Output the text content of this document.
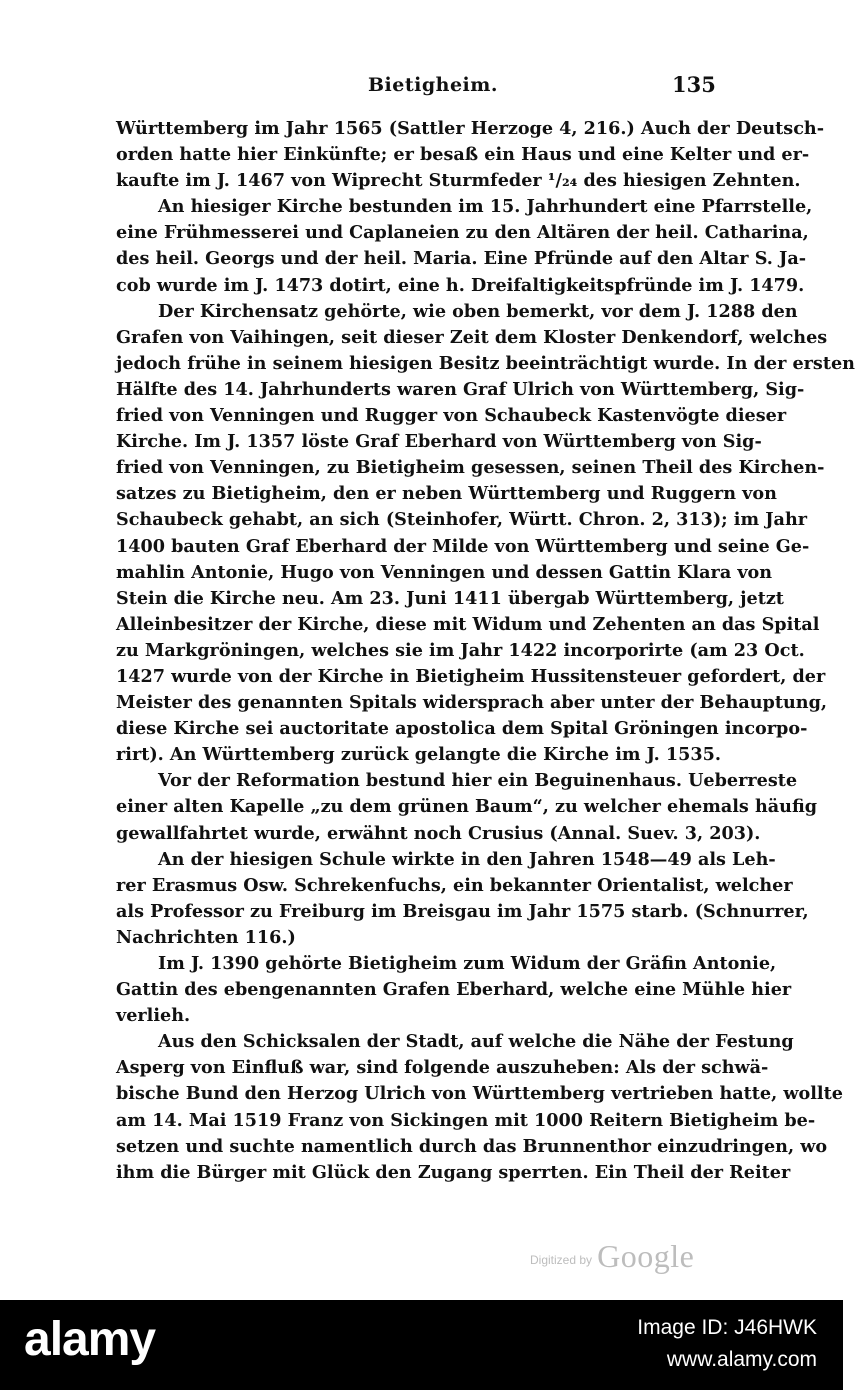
Bietigheim.	135
Württemberg im Jahr 1565 (Sattler Herzoge 4, 216.) Auch der Deutsch-
orden hatte hier Einkünfte; er besaß ein Haus und eine Kelter und er-
kaufte im J. 1467 von Wiprecht Sturmfeder ¹/₂₄ des hiesigen Zehnten.
An hiesiger Kirche bestunden im 15. Jahrhundert eine Pfarrstelle,
eine Frühmesserei und Caplaneien zu den Altären der heil. Catharina,
des heil. Georgs und der heil. Maria. Eine Pfründe auf den Altar S. Ja-
cob wurde im J. 1473 dotirt, eine h. Dreifaltigkeitspfründe im J. 1479.
Der Kirchensatz gehörte, wie oben bemerkt, vor dem J. 1288 den
Grafen von Vaihingen, seit dieser Zeit dem Kloster Denkendorf, welches
jedoch frühe in seinem hiesigen Besitz beeinträchtigt wurde. In der ersten
Hälfte des 14. Jahrhunderts waren Graf Ulrich von Württemberg, Sig-
fried von Venningen und Rugger von Schaubeck Kastenvögte dieser
Kirche. Im J. 1357 löste Graf Eberhard von Württemberg von Sig-
fried von Venningen, zu Bietigheim gesessen, seinen Theil des Kirchen-
satzes zu Bietigheim, den er neben Württemberg und Ruggern von
Schaubeck gehabt, an sich (Steinhofer, Württ. Chron. 2, 313); im Jahr
1400 bauten Graf Eberhard der Milde von Württemberg und seine Ge-
mahlin Antonie, Hugo von Venningen und dessen Gattin Klara von
Stein die Kirche neu. Am 23. Juni 1411 übergab Württemberg, jetzt
Alleinbesitzer der Kirche, diese mit Widum und Zehenten an das Spital
zu Markgröningen, welches sie im Jahr 1422 incorporirte (am 23 Oct.
1427 wurde von der Kirche in Bietigheim Hussitensteuer gefordert, der
Meister des genannten Spitals widersprach aber unter der Behauptung,
diese Kirche sei auctoritate apostolica dem Spital Gröningen incorpo-
rirt). An Württemberg zurück gelangte die Kirche im J. 1535.
Vor der Reformation bestund hier ein Beguinenhaus. Ueberreste
einer alten Kapelle „zu dem grünen Baum“, zu welcher ehemals häufig
gewallfahrtet wurde, erwähnt noch Crusius (Annal. Suev. 3, 203).
An der hiesigen Schule wirkte in den Jahren 1548—49 als Leh-
rer Erasmus Osw. Schrekenfuchs, ein bekannter Orientalist, welcher
als Professor zu Freiburg im Breisgau im Jahr 1575 starb. (Schnurrer,
Nachrichten 116.)
Im J. 1390 gehörte Bietigheim zum Widum der Gräfin Antonie,
Gattin des ebengenannten Grafen Eberhard, welche eine Mühle hier
verlieh.
Aus den Schicksalen der Stadt, auf welche die Nähe der Festung
Asperg von Einfluß war, sind folgende auszuheben: Als der schwä-
bische Bund den Herzog Ulrich von Württemberg vertrieben hatte, wollte
am 14. Mai 1519 Franz von Sickingen mit 1000 Reitern Bietigheim be-
setzen und suchte namentlich durch das Brunnenthor einzudringen, wo
ihm die Bürger mit Glück den Zugang sperrten. Ein Theil der Reiter
Digitized by Google
alamy	Image ID: J46HWK
www.alamy.com
